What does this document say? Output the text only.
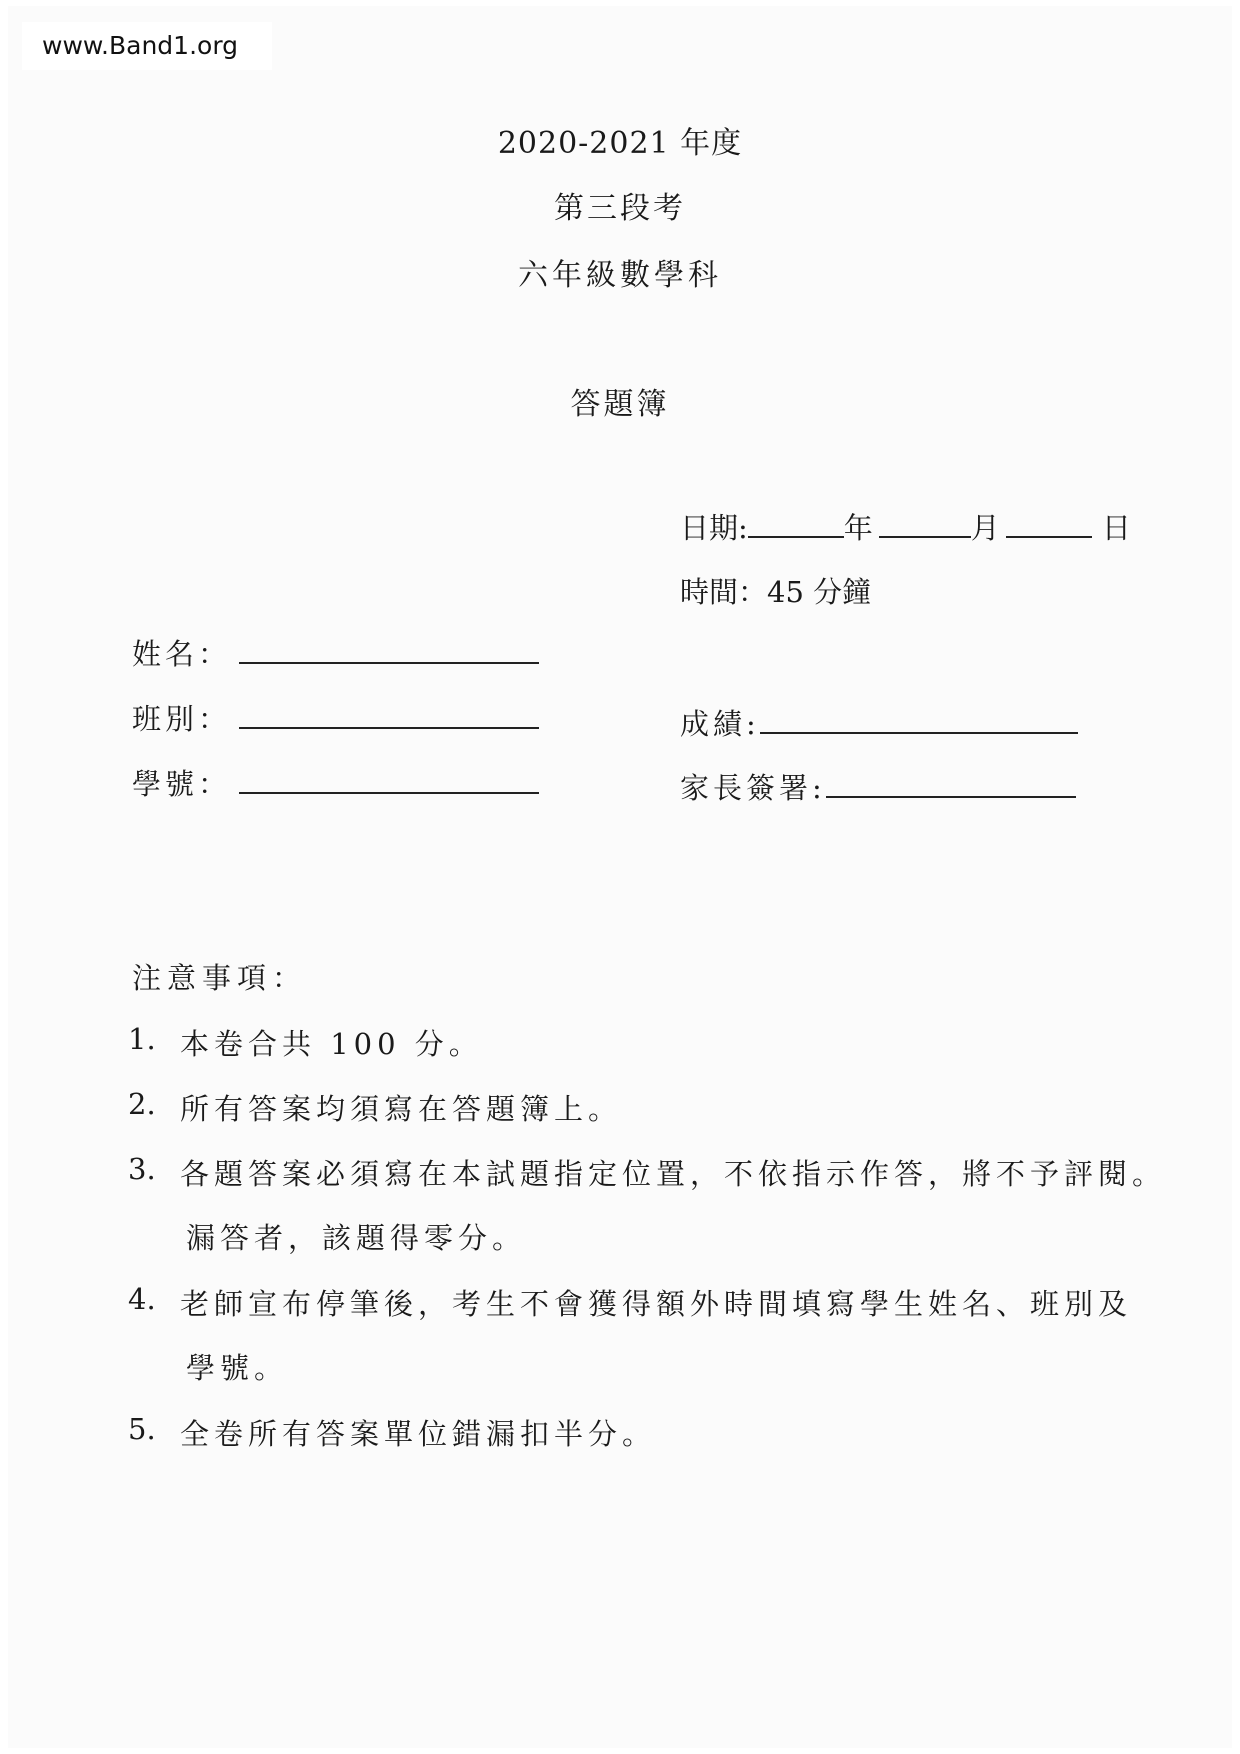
www.Band1.org
2020-2021 年度
第三段考
六年級數學科
答題簿
日期:	年	月	日
時間：45 分鐘
姓名：
班別：
學號：
成績:
家長簽署:
注意事項：
1. 本卷合共 100 分。
2. 所有答案均須寫在答題簿上。
3. 各題答案必須寫在本試題指定位置，不依指示作答，將不予評閱。
漏答者，該題得零分。
4. 老師宣布停筆後，考生不會獲得額外時間填寫學生姓名、班別及
學號。
5. 全卷所有答案單位錯漏扣半分。
